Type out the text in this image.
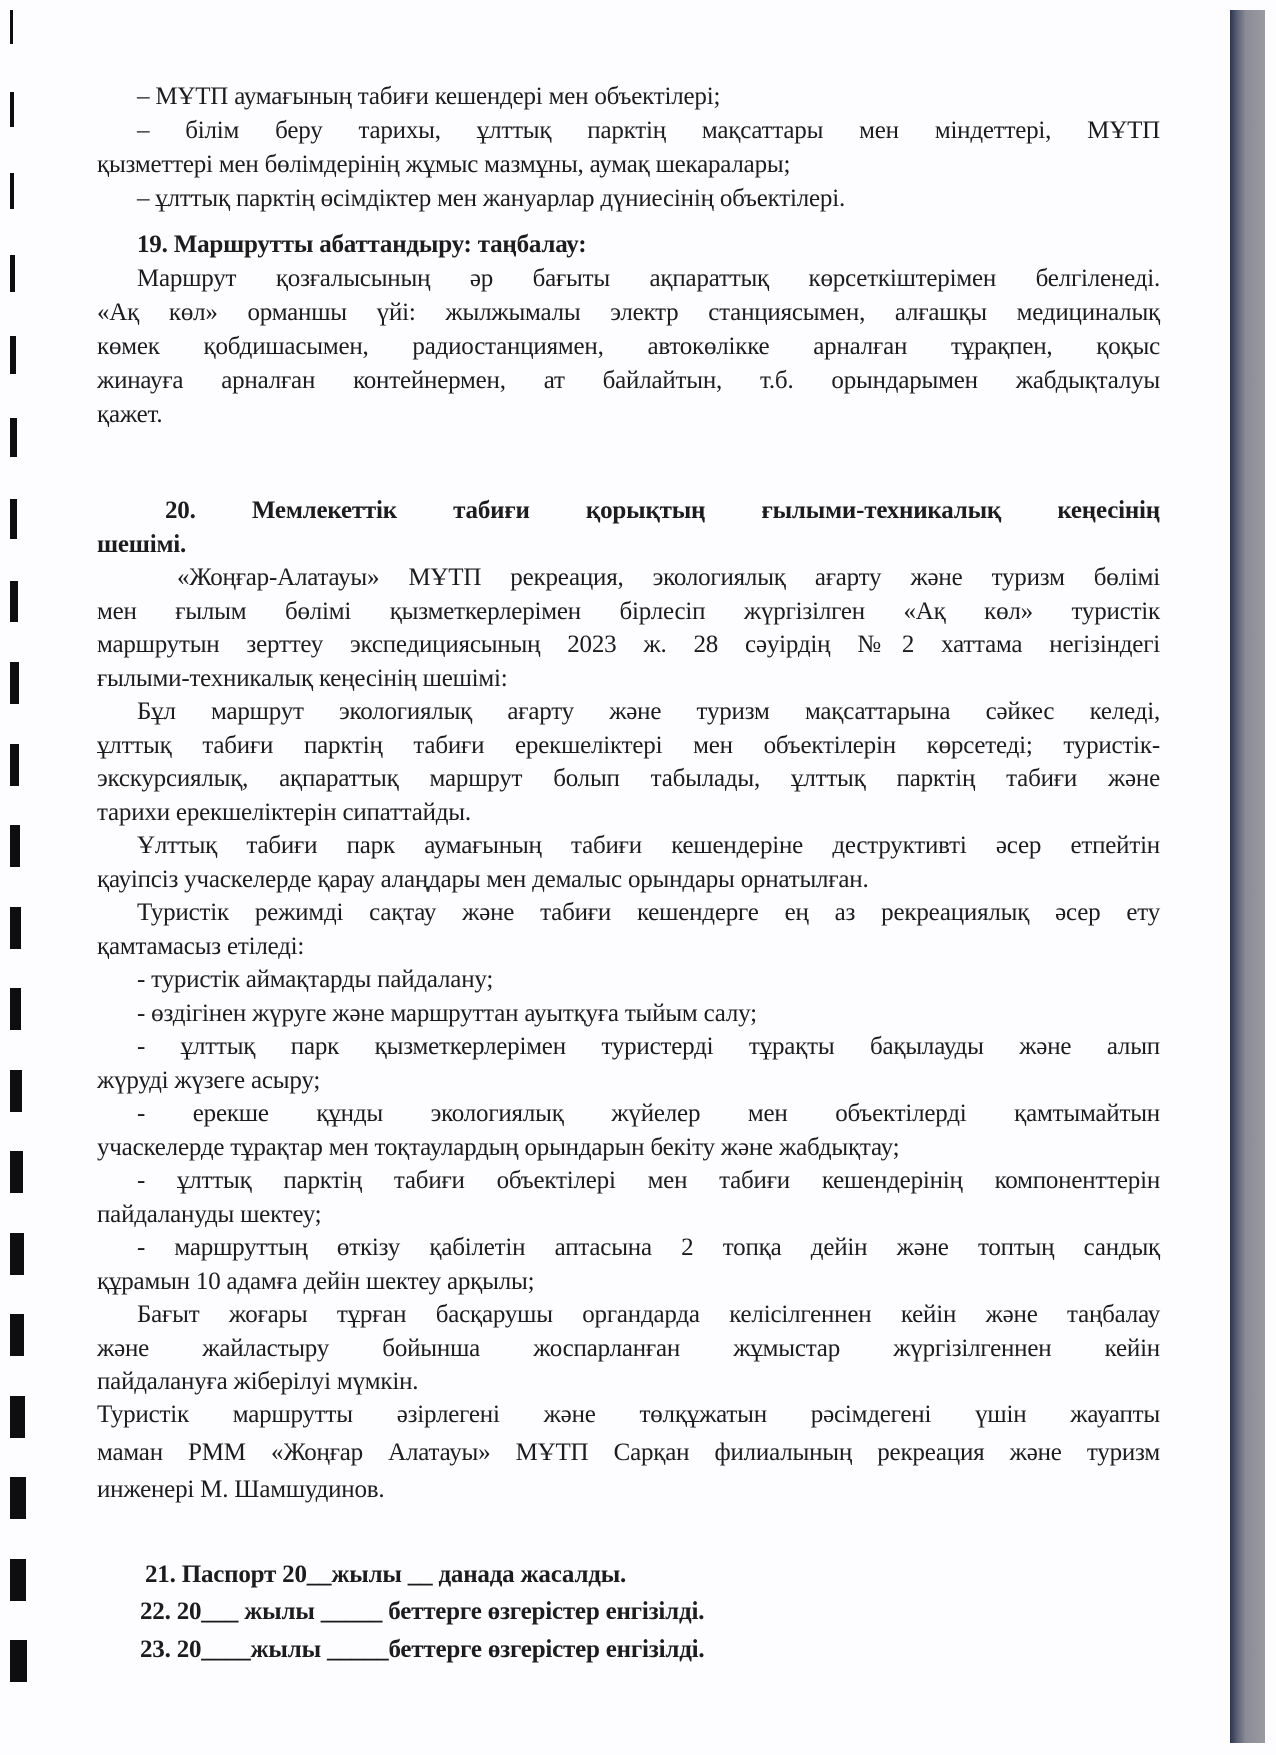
– МҰТП аумағының табиғи кешендері мен объектілері;
– білім беру тарихы, ұлттық парктің мақсаттары мен міндеттері, МҰТП
қызметтері мен бөлімдерінің жұмыс мазмұны, аумақ шекаралары;
– ұлттық парктің өсімдіктер мен жануарлар дүниесінің объектілері.
19. Маршрутты абаттандыру: таңбалау:
Маршрут қозғалысының әр бағыты ақпараттық көрсеткіштерімен белгіленеді.
«Ақ көл» орманшы үйі: жылжымалы электр станциясымен, алғашқы медициналық
көмек қобдишасымен, радиостанциямен, автокөлікке арналған тұрақпен, қоқыс
жинауға арналған контейнермен, ат байлайтын, т.б. орындарымен жабдықталуы
қажет.
20. Мемлекеттік табиғи қорықтың ғылыми-техникалық кеңесінің
шешімі.
«Жоңғар-Алатауы» МҰТП рекреация, экологиялық ағарту және туризм бөлімі
мен ғылым бөлімі қызметкерлерімен бірлесіп жүргізілген «Ақ көл» туристік
маршрутын зерттеу экспедициясының 2023 ж. 28 сәуірдің №2 хаттама негізіндегі
ғылыми-техникалық кеңесінің шешімі:
Бұл маршрут экологиялық ағарту және туризм мақсаттарына сәйкес келеді,
ұлттық табиғи парктің табиғи ерекшеліктері мен объектілерін көрсетеді; туристік-
экскурсиялық, ақпараттық маршрут болып табылады, ұлттық парктің табиғи және
тарихи ерекшеліктерін сипаттайды.
Ұлттық табиғи парк аумағының табиғи кешендеріне деструктивті әсер етпейтін
қауіпсіз учаскелерде қарау алаңдары мен демалыс орындары орнатылған.
Туристік режимді сақтау және табиғи кешендерге ең аз рекреациялық әсер ету
қамтамасыз етіледі:
- туристік аймақтарды пайдалану;
- өздігінен жүруге және маршруттан ауытқуға тыйым салу;
- ұлттық парк қызметкерлерімен туристерді тұрақты бақылауды және алып
жүруді жүзеге асыру;
- ерекше құнды экологиялық жүйелер мен объектілерді қамтымайтын
учаскелерде тұрақтар мен тоқтаулардың орындарын бекіту және жабдықтау;
- ұлттық парктің табиғи объектілері мен табиғи кешендерінің компоненттерін
пайдалануды шектеу;
- маршруттың өткізу қабілетін аптасына 2 топқа дейін және топтың сандық
құрамын 10 адамға дейін шектеу арқылы;
Бағыт жоғары тұрған басқарушы органдарда келісілгеннен кейін және таңбалау
және жайластыру бойынша жоспарланған жұмыстар жүргізілгеннен кейін
пайдалануға жіберілуі мүмкін.
Туристік маршрутты әзірлегені және төлқұжатын рәсімдегені үшін жауапты
маман РММ «Жоңғар Алатауы» МҰТП Сарқан филиалының рекреация және туризм
инженері М. Шамшудинов.
21. Паспорт 20__жылы __ данада жасалды.
22. 20___ жылы _____ беттерге өзгерістер енгізілді.
23. 20____жылы _____беттерге өзгерістер енгізілді.
